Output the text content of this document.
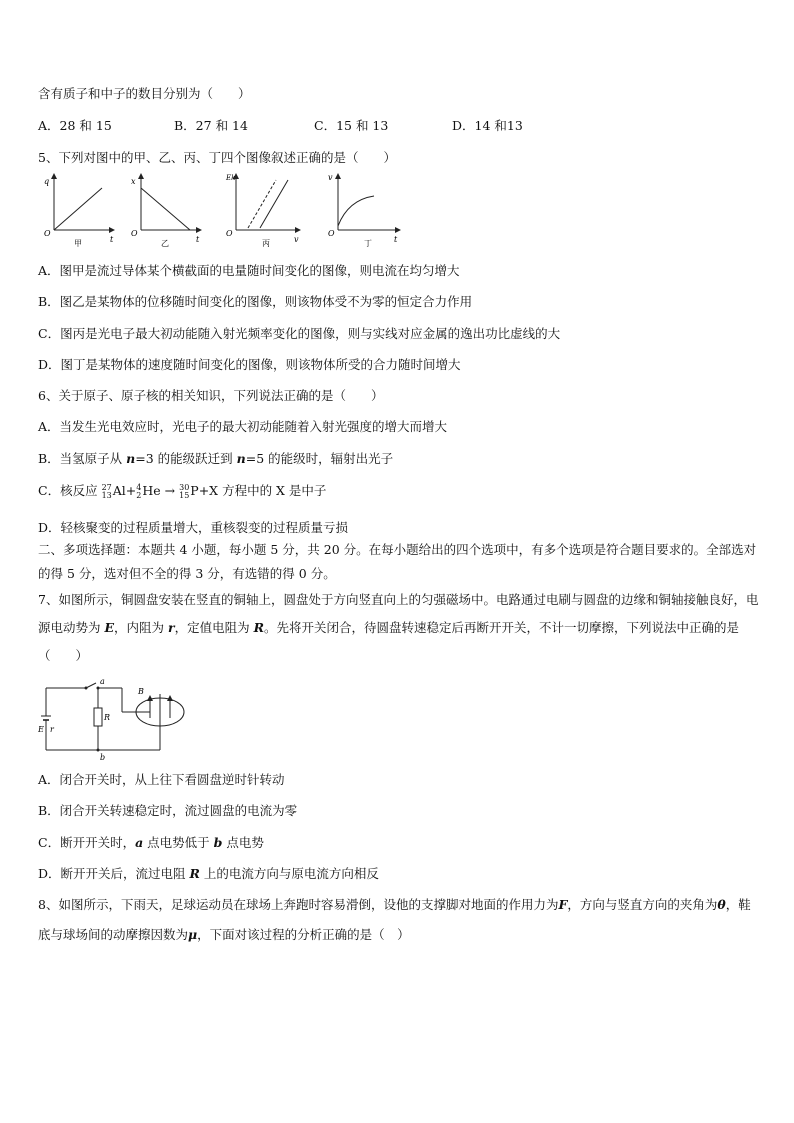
含有质子和中子的数目分别为（　　）
A．28 和 15	B．27 和 14	C．15 和 13	D．14 和13
5、下列对图中的甲、乙、丙、丁四个图像叙述正确的是（　　）
q
t
O
甲
x
t
O
乙
Ek
v
O
丙
v
t
O
丁
A．图甲是流过导体某个横截面的电量随时间变化的图像，则电流在均匀增大
B．图乙是某物体的位移随时间变化的图像，则该物体受不为零的恒定合力作用
C．图丙是光电子最大初动能随入射光频率变化的图像，则与实线对应金属的逸出功比虚线的大
D．图丁是某物体的速度随时间变化的图像，则该物体所受的合力随时间增大
6、关于原子、原子核的相关知识，下列说法正确的是（　　）
A．当发生光电效应时，光电子的最大初动能随着入射光强度的增大而增大
B．当氢原子从 n=3 的能级跃迁到 n=5 的能级时，辐射出光子
C．核反应 27
13 Al+ 4
2 He → 30
15 P+X 方程中的 X 是中子
D．轻核聚变的过程质量增大，重核裂变的过程质量亏损
二、多项选择题：本题共 4 小题，每小题 5 分，共 20 分。在每小题给出的四个选项中，有多个选项是符合题目要求的。全部选对的得 5 分，选对但不全的得 3 分，有选错的得 0 分。
7、如图所示，铜圆盘安装在竖直的铜轴上，圆盘处于方向竖直向上的匀强磁场中。电路通过电刷与圆盘的边缘和铜轴接触良好，电源电动势为 E，内阻为 r，定值电阻为 R。先将开关闭合，待圆盘转速稳定后再断开开关，不计一切摩擦，下列说法中正确的是（　　）
a
b
R
B
E r
A．闭合开关时，从上往下看圆盘逆时针转动
B．闭合开关转速稳定时，流过圆盘的电流为零
C．断开开关时，a 点电势低于 b 点电势
D．断开开关后，流过电阻 R 上的电流方向与原电流方向相反
8、如图所示，下雨天，足球运动员在球场上奔跑时容易滑倒，设他的支撑脚对地面的作用力为F，方向与竖直方向的夹角为θ，鞋底与球场间的动摩擦因数为μ，下面对该过程的分析正确的是（　）
